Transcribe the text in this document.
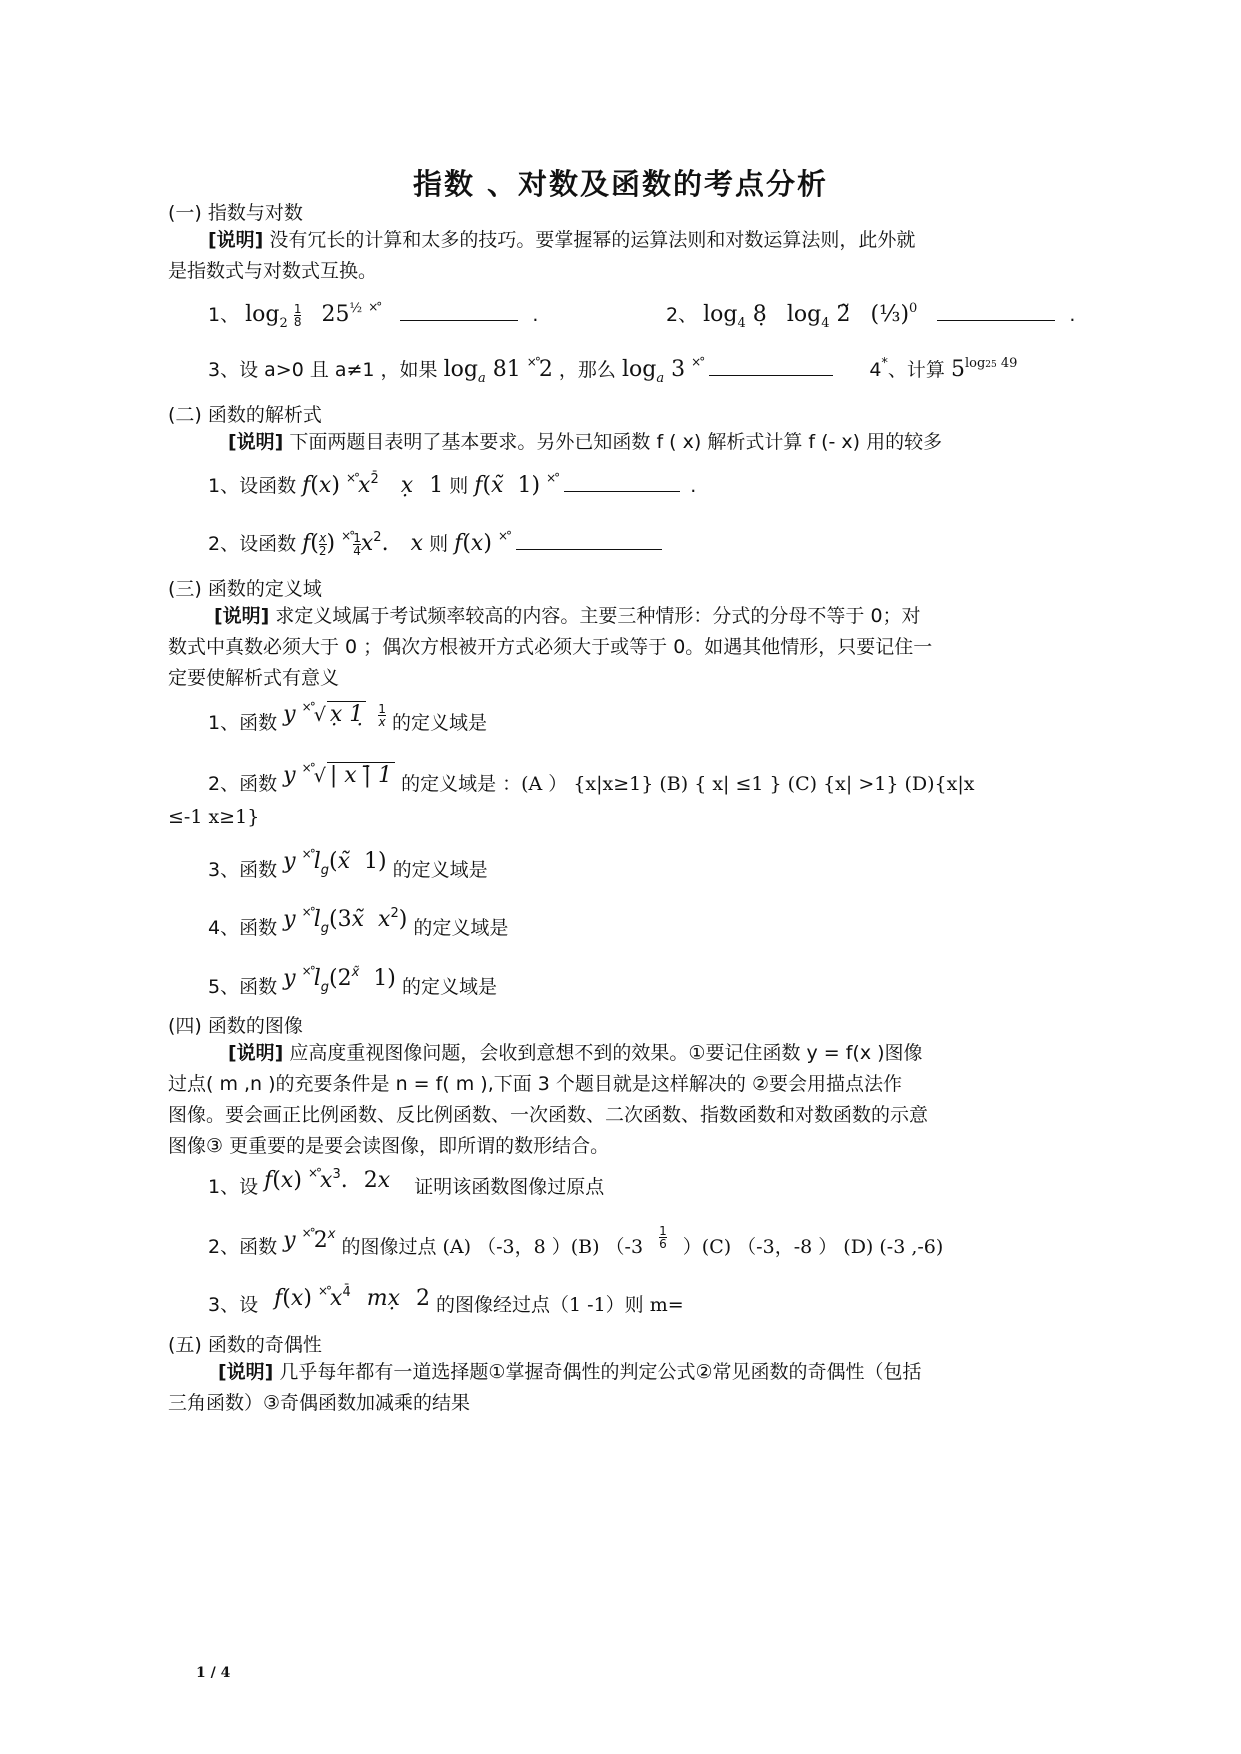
指数 、对数及函数的考点分析
(一) 指数与对数
[说明] 没有冗长的计算和太多的技巧。要掌握幂的运算法则和对数运算法则，此外就
是指数式与对数式互换。
1、 $\log_2 \frac{1}{8} 25^{\frac{1}{2}}$ ×°	.	2、 $\log_4$ 8̣ $\log_4$ 2̃ (⅓)$^0$	.
3、设 a>0 且 a≠1 ，如果 $\log_a 81$ ×°2 ，那么 $\log_a 3$ ×°	4*、计算 $5^{log25 49}$
(二) 函数的解析式
[说明] 下面两题目表明了基本要求。另外已知函数 f ( x) 解析式计算 f (- x) 用的较多
1、设函数 f(x) $^{\times^\circ}x^{2̄}$ x̣ 1 则 f(x̃ 1) ×°	.
2、设函数 $f( \frac{x}{2}$ ) $^{\times^\circ} \frac{1}{4} x^2$. x 则 f(x) ×°
(三) 函数的定义域
[说明] 求定义域属于考试频率较高的内容。主要三种情形：分式的分母不等于 0；对
数式中真数必须大于 0 ；偶次方根被开方式必须大于或等于 0。如遇其他情形，只要记住一
定要使解析式有意义
1、函数 y ×°√ x̣ 1̣ $\frac{1}{x}$ 的定义域是
2、函数 y ×°√ | x |̄ 1 的定义域是 ：(A ） {x|x≥1} (B) { x| ≤1 } (C) {x| >1} (D){x|x
≤-1 x≥1}
3、函数 y $^{\times^\circ}l_g(x̃$ 1) 的定义域是
4、函数 y $^{\times^\circ}l_g(3x̃$ $x^2$) 的定义域是
5、函数 y $^{\times^\circ}l_g(2^{x̃}$ 1) 的定义域是
(四) 函数的图像
[说明] 应高度重视图像问题，会收到意想不到的效果。①要记住函数 y = f(x )图像
过点( m ,n )的充要条件是 n = f( m ),下面 3 个题目就是这样解决的 ②要会用描点法作
图像。要会画正比例函数、反比例函数、一次函数、二次函数、指数函数和对数函数的示意
图像③ 更重要的是要会读图像，即所谓的数形结合。
1、设 f(x) $^{\times^\circ}x^3$. 2x 证明该函数图像过原点
2、函数 y ×°2$^x$ 的图像过点 (A) （-3，8 ）(B) $(-3 \frac{1}{6} )(C)$ （-3，-8 ） (D) (-3 ,-6)
3、设 f(x) $^{\times^\circ}x^{4̄}$ mx̣ 2 的图像经过点（1 -1）则 m=
(五) 函数的奇偶性
[说明] 几乎每年都有一道选择题①掌握奇偶性的判定公式②常见函数的奇偶性（包括
三角函数）③奇偶函数加减乘的结果
1 / 4
